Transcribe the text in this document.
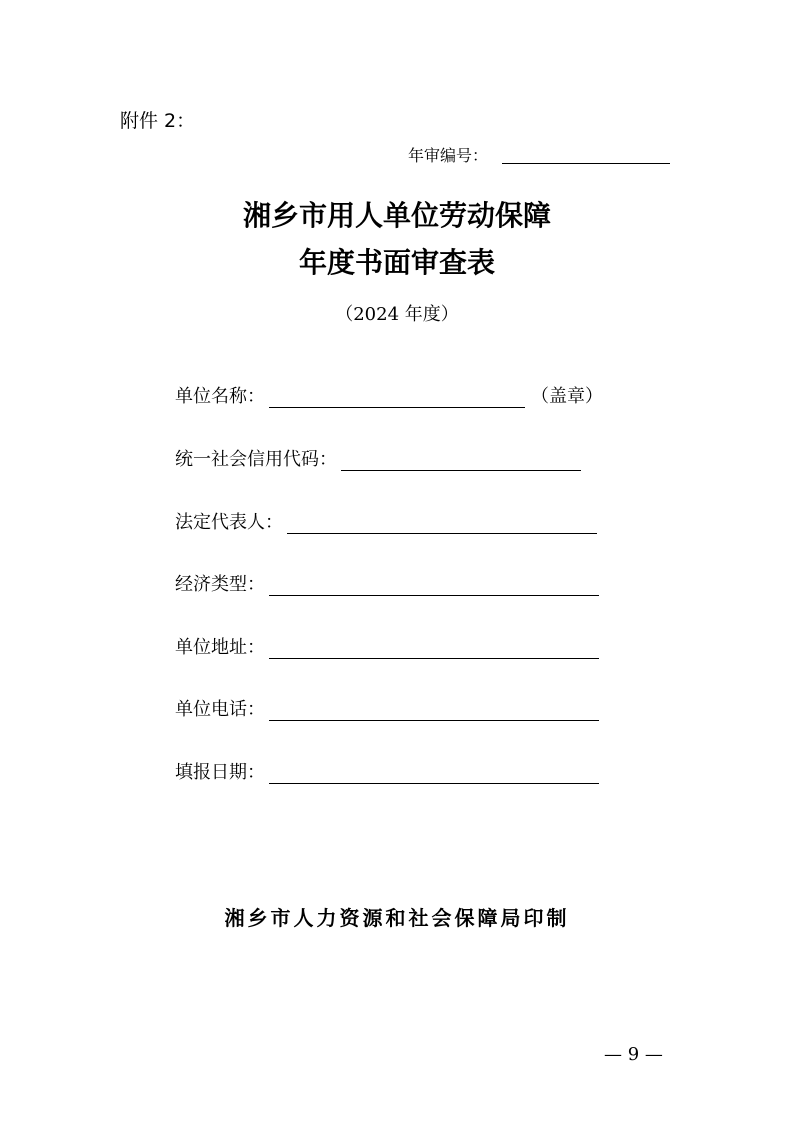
附件 2：
年审编号：
湘乡市用人单位劳动保障
年度书面审查表
（2024 年度）
单位名称：	（盖章）
统一社会信用代码：
法定代表人：
经济类型：
单位地址：
单位电话：
填报日期：
湘乡市人力资源和社会保障局印制
— 9 —
